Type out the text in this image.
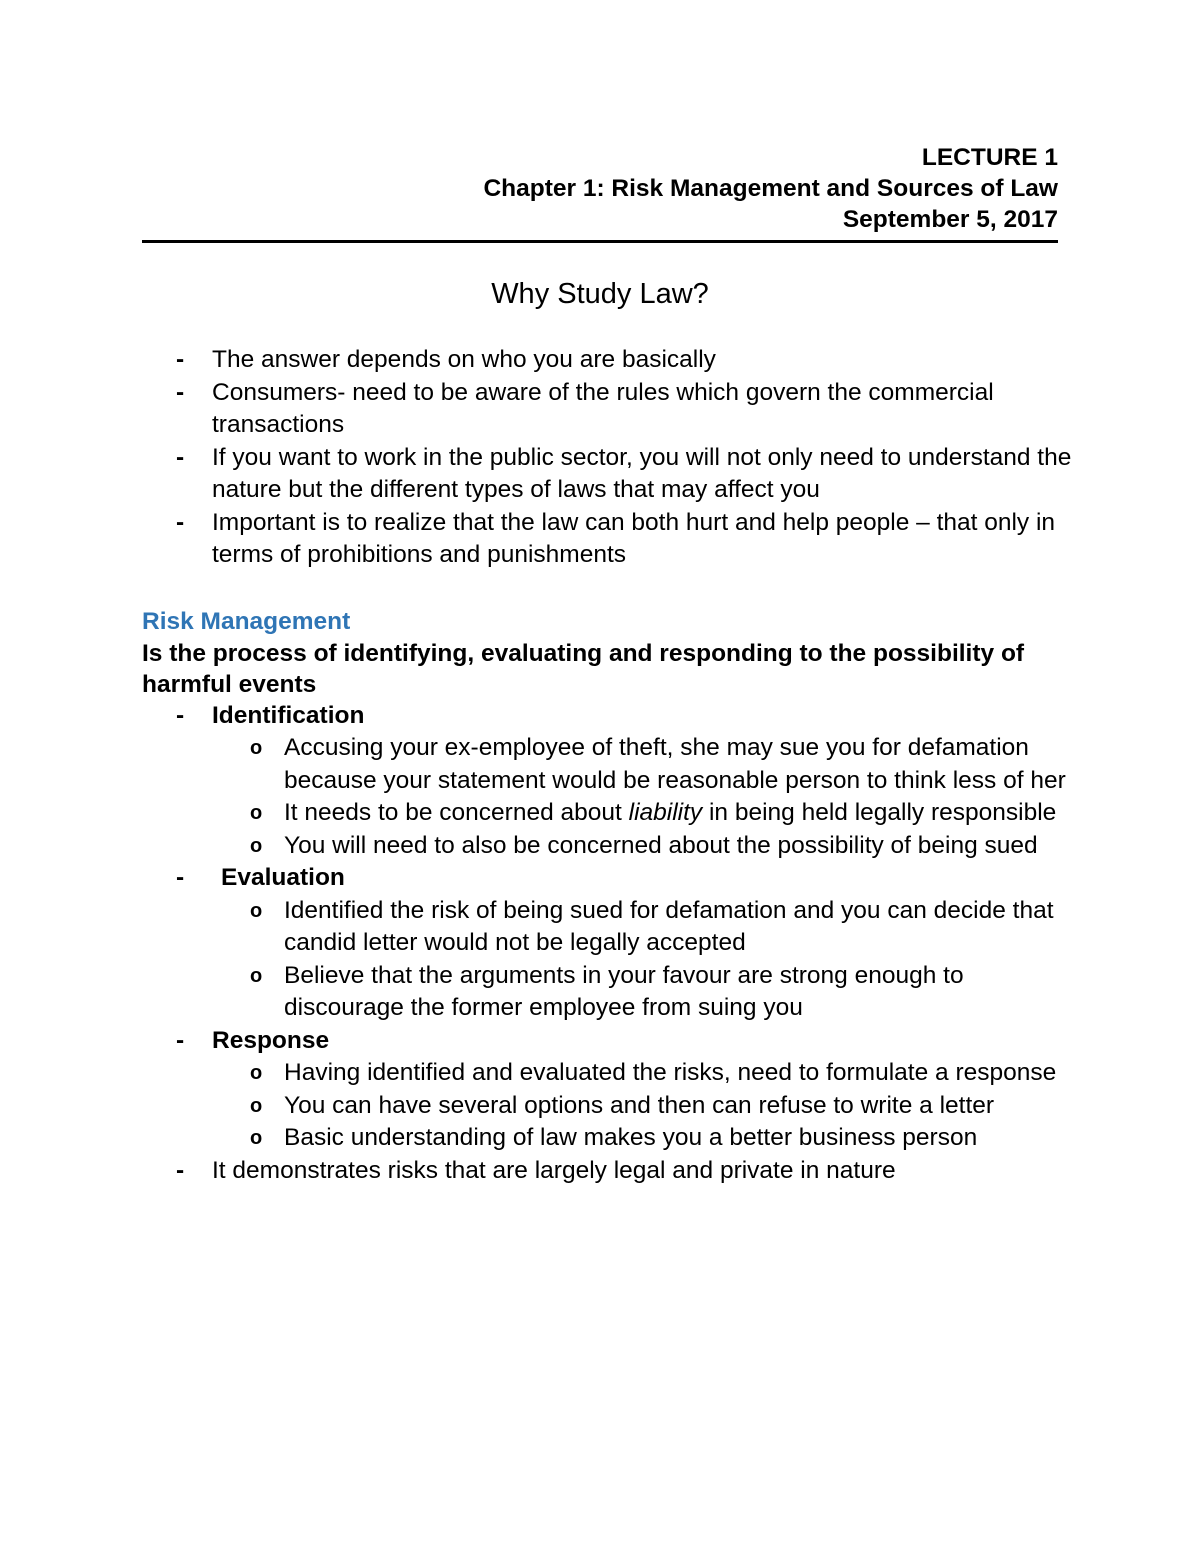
LECTURE 1
Chapter 1: Risk Management and Sources of Law
September 5, 2017
Why Study Law?
- The answer depends on who you are basically
- Consumers- need to be aware of the rules which govern the commercial transactions
- If you want to work in the public sector, you will not only need to understand the nature but the different types of laws that may affect you
- Important is to realize that the law can both hurt and help people – that only in terms of prohibitions and punishments
Risk Management
Is the process of identifying, evaluating and responding to the possibility of harmful events
- Identification
o Accusing your ex-employee of theft, she may sue you for defamation because your statement would be reasonable person to think less of her
o It needs to be concerned about liability in being held legally responsible
o You will need to also be concerned about the possibility of being sued
- Evaluation
o Identified the risk of being sued for defamation and you can decide that candid letter would not be legally accepted
o Believe that the arguments in your favour are strong enough to discourage the former employee from suing you
- Response
o Having identified and evaluated the risks, need to formulate a response
o You can have several options and then can refuse to write a letter
o Basic understanding of law makes you a better business person
- It demonstrates risks that are largely legal and private in nature
